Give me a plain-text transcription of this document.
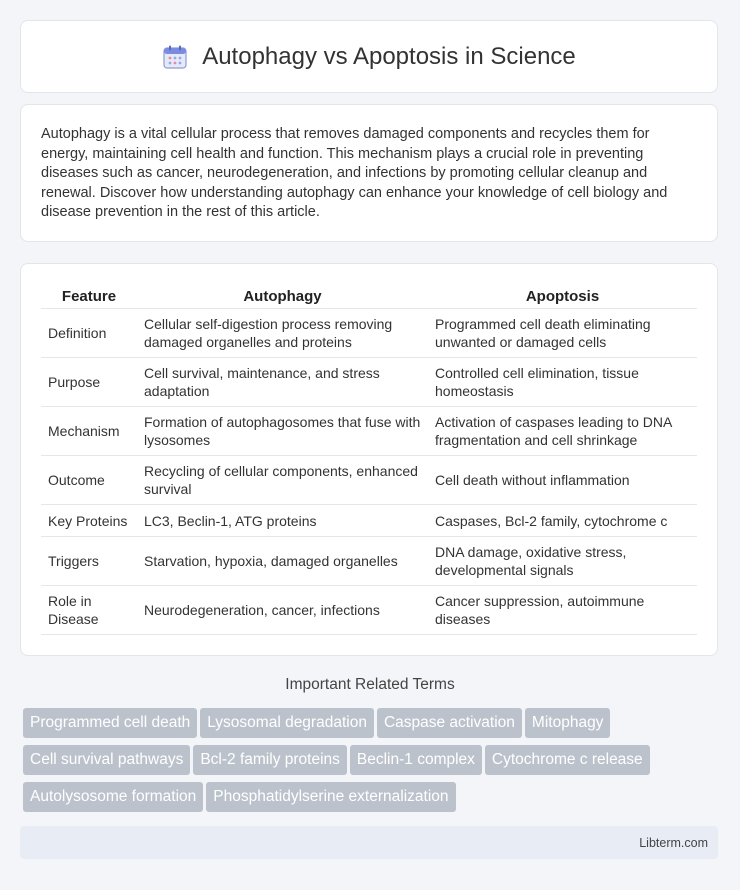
Autophagy vs Apoptosis in Science

Autophagy is a vital cellular process that removes damaged components and recycles them for energy, maintaining cell health and function. This mechanism plays a crucial role in preventing diseases such as cancer, neurodegeneration, and infections by promoting cellular cleanup and renewal. Discover how understanding autophagy can enhance your knowledge of cell biology and disease prevention in the rest of this article.

Feature	Autophagy	Apoptosis
Definition	Cellular self-digestion process removing damaged organelles and proteins	Programmed cell death eliminating unwanted or damaged cells
Purpose	Cell survival, maintenance, and stress adaptation	Controlled cell elimination, tissue homeostasis
Mechanism	Formation of autophagosomes that fuse with lysosomes	Activation of caspases leading to DNA fragmentation and cell shrinkage
Outcome	Recycling of cellular components, enhanced survival	Cell death without inflammation
Key Proteins	LC3, Beclin-1, ATG proteins	Caspases, Bcl-2 family, cytochrome c
Triggers	Starvation, hypoxia, damaged organelles	DNA damage, oxidative stress, developmental signals
Role in Disease	Neurodegeneration, cancer, infections	Cancer suppression, autoimmune diseases
Important Related Terms
Programmed cell death Lysosomal degradation Caspase activation Mitophagy
Cell survival pathways Bcl-2 family proteins Beclin-1 complex Cytochrome c release
Autolysosome formation Phosphatidylserine externalization
Libterm.com
